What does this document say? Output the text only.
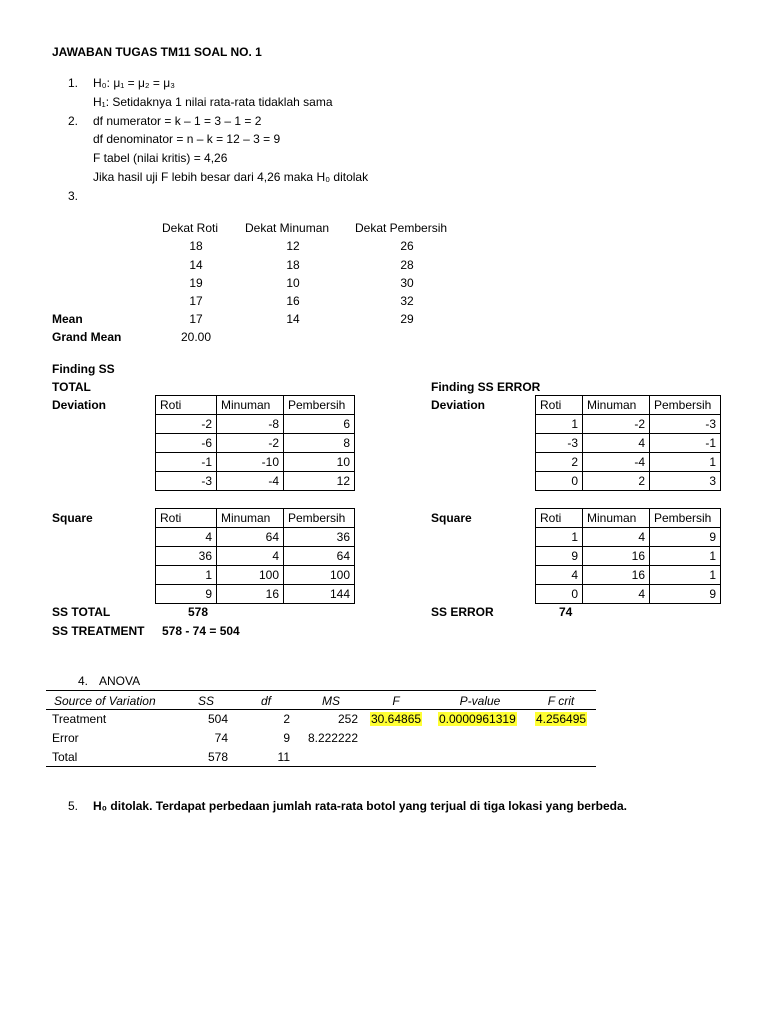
JAWABAN TUGAS TM11 SOAL NO. 1
1. H₀: μ₁ = μ₂ = μ₃
H₁: Setidaknya 1 nilai rata-rata tidaklah sama
2. df numerator = k – 1 = 3 – 1 = 2
df denominator = n – k = 12 – 3 = 9
F tabel (nilai kritis) = 4,26
Jika hasil uji F lebih besar dari 4,26 maka H₀ ditolak
3.
Dekat Roti Dekat Minuman Dekat Pembersih
18	12	26
14	18	28
19	10	30
17	16	32
Mean	17	14	29
Grand Mean	20.00
Finding SS
TOTAL
Deviation	Roti	Minuman	Pembersih
-2	-8	6
-6	-2	8
-1	-10	10
-3	-4	12
Finding SS ERROR
Deviation	Roti	Minuman	Pembersih
1	-2	-3
-3	4	-1
2	-4	1
0	2	3
Square	Roti	Minuman	Pembersih
4	64	36
36	4	64
1	100	100
9	16	144
Square	Roti	Minuman	Pembersih
1	4	9
9	16	1
4	16	1
0	4	9
SS TOTAL	578
SS TREATMENT 578 - 74 = 504
SS ERROR	74
4. ANOVA
Source of Variation	SS	df	MS	F	P-value	F crit
Treatment	504	2	252 30.64865 0.0000961319 4.256495
Error	74	9	8.222222
Total	578	11
5. H₀ ditolak. Terdapat perbedaan jumlah rata-rata botol yang terjual di tiga lokasi yang berbeda.
